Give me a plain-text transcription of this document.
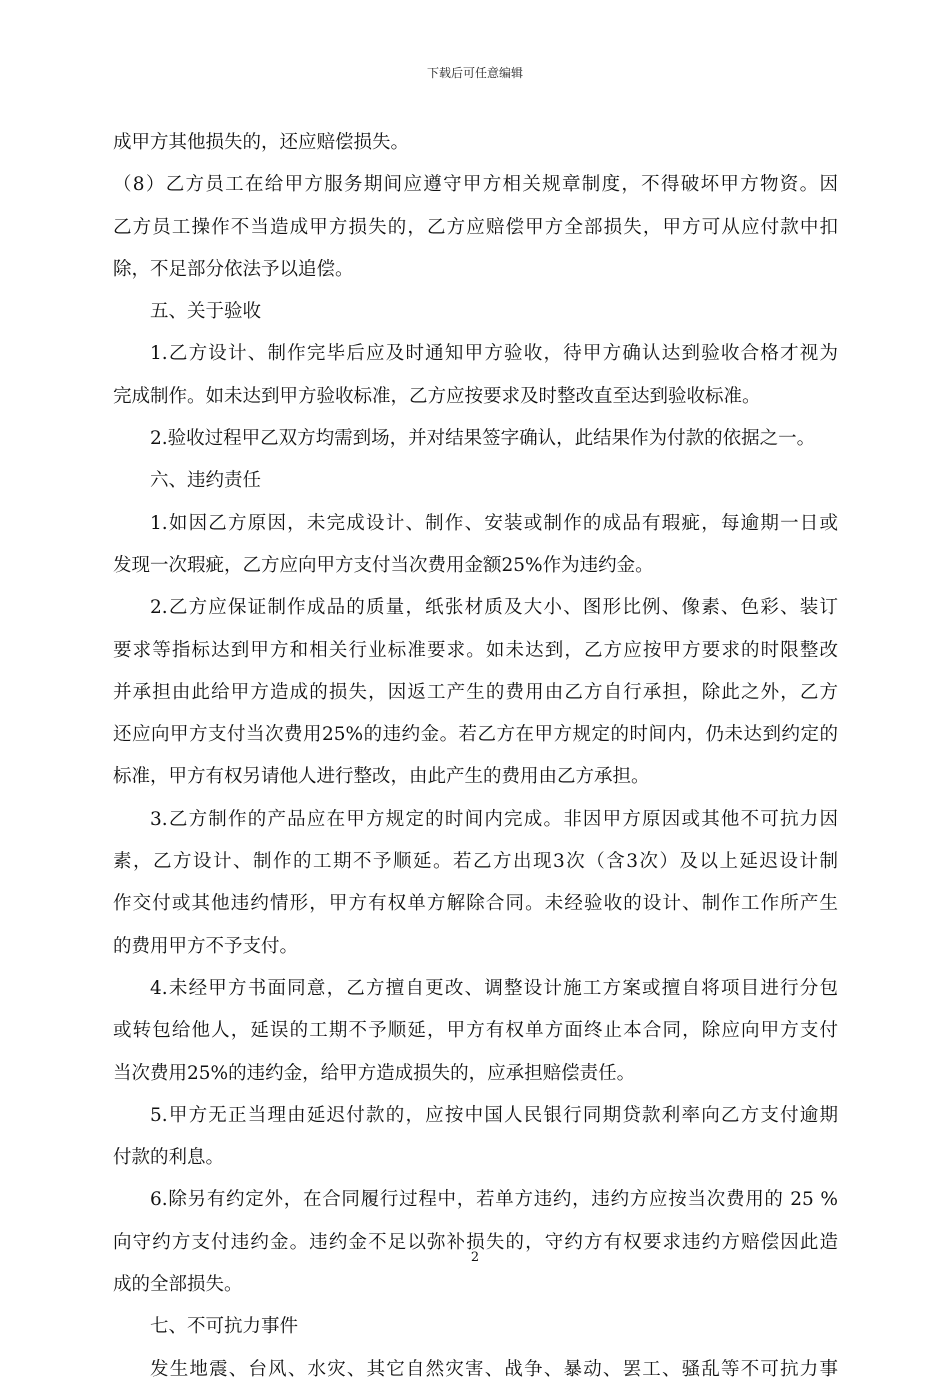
下载后可任意编辑
成甲方其他损失的，还应赔偿损失。
（8）乙方员工在给甲方服务期间应遵守甲方相关规章制度，不得破坏甲方物资。因
乙方员工操作不当造成甲方损失的，乙方应赔偿甲方全部损失，甲方可从应付款中扣
除，不足部分依法予以追偿。
五、关于验收
1.乙方设计、制作完毕后应及时通知甲方验收，待甲方确认达到验收合格才视为
完成制作。如未达到甲方验收标准，乙方应按要求及时整改直至达到验收标准。
2.验收过程甲乙双方均需到场，并对结果签字确认，此结果作为付款的依据之一。
六、违约责任
1.如因乙方原因，未完成设计、制作、安装或制作的成品有瑕疵，每逾期一日或
发现一次瑕疵，乙方应向甲方支付当次费用金额25%作为违约金。
2.乙方应保证制作成品的质量，纸张材质及大小、图形比例、像素、色彩、装订
要求等指标达到甲方和相关行业标准要求。如未达到，乙方应按甲方要求的时限整改
并承担由此给甲方造成的损失，因返工产生的费用由乙方自行承担，除此之外，乙方
还应向甲方支付当次费用25%的违约金。若乙方在甲方规定的时间内，仍未达到约定的
标准，甲方有权另请他人进行整改，由此产生的费用由乙方承担。
3.乙方制作的产品应在甲方规定的时间内完成。非因甲方原因或其他不可抗力因
素，乙方设计、制作的工期不予顺延。若乙方出现3次（含3次）及以上延迟设计制
作交付或其他违约情形，甲方有权单方解除合同。未经验收的设计、制作工作所产生
的费用甲方不予支付。
4.未经甲方书面同意，乙方擅自更改、调整设计施工方案或擅自将项目进行分包
或转包给他人，延误的工期不予顺延，甲方有权单方面终止本合同，除应向甲方支付
当次费用25%的违约金，给甲方造成损失的，应承担赔偿责任。
5.甲方无正当理由延迟付款的，应按中国人民银行同期贷款利率向乙方支付逾期
付款的利息。
6.除另有约定外，在合同履行过程中，若单方违约，违约方应按当次费用的 25 %
向守约方支付违约金。违约金不足以弥补损失的，守约方有权要求违约方赔偿因此造
成的全部损失。
七、不可抗力事件
发生地震、台风、水灾、其它自然灾害、战争、暴动、罢工、骚乱等不可抗力事
2
